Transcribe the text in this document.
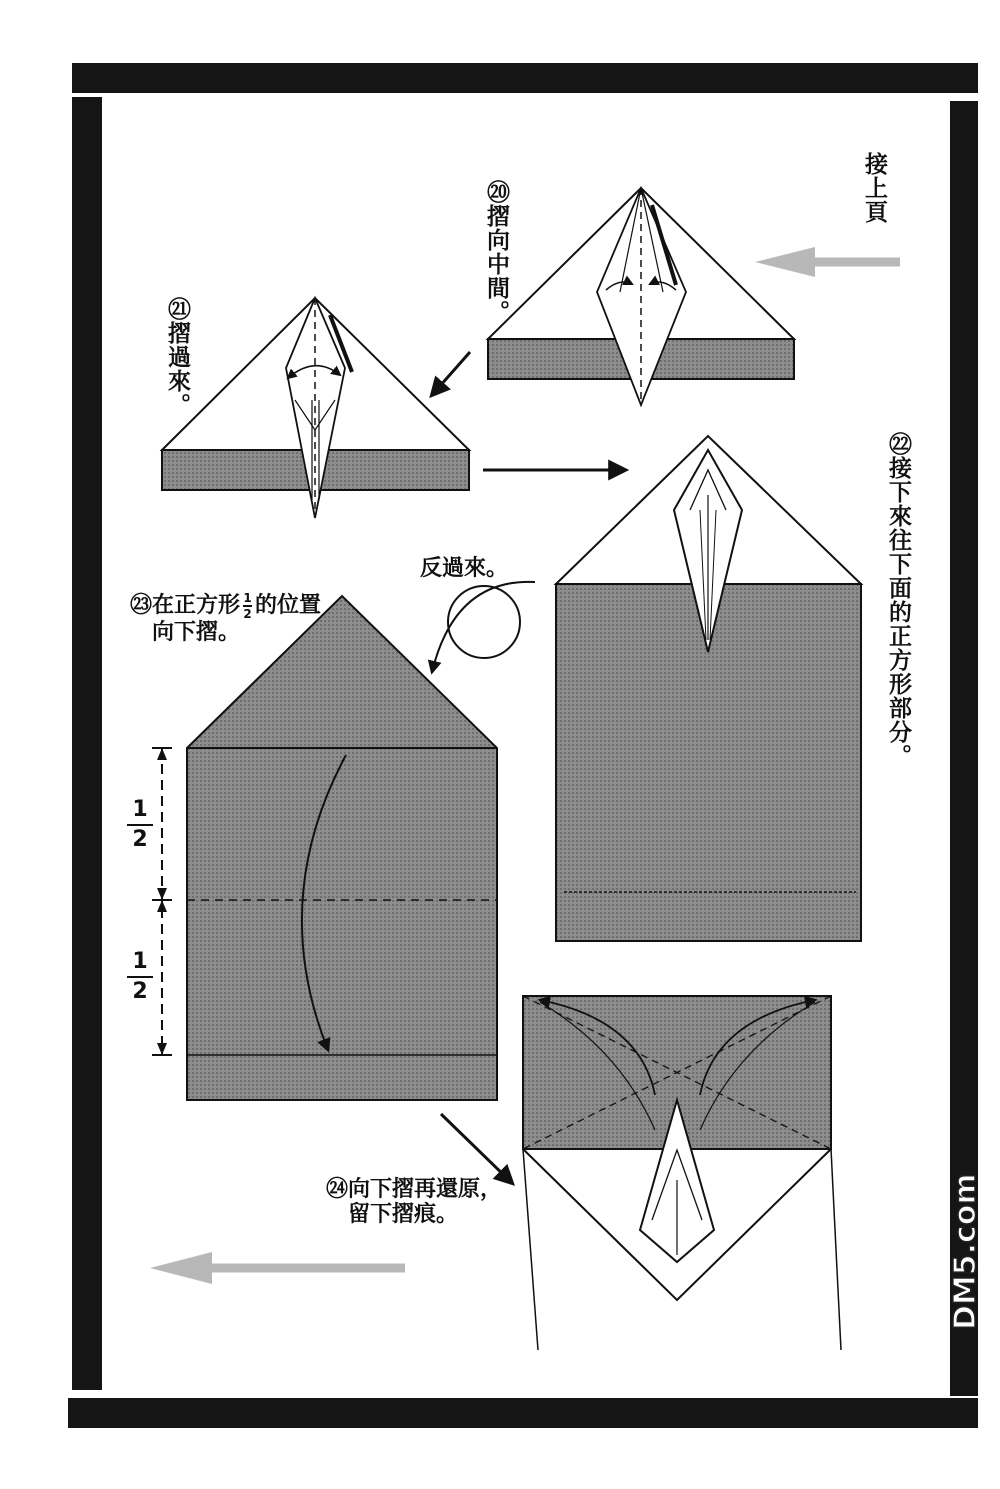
接上頁
⑳摺向中間。
㉑摺過來。
㉒接下來往下面的正方形部分。
反過來。
㉓在正方形 1
2 的位置
向下摺。
㉔向下摺再還原，
留下摺痕。
1
2
1
2
DM5.com
